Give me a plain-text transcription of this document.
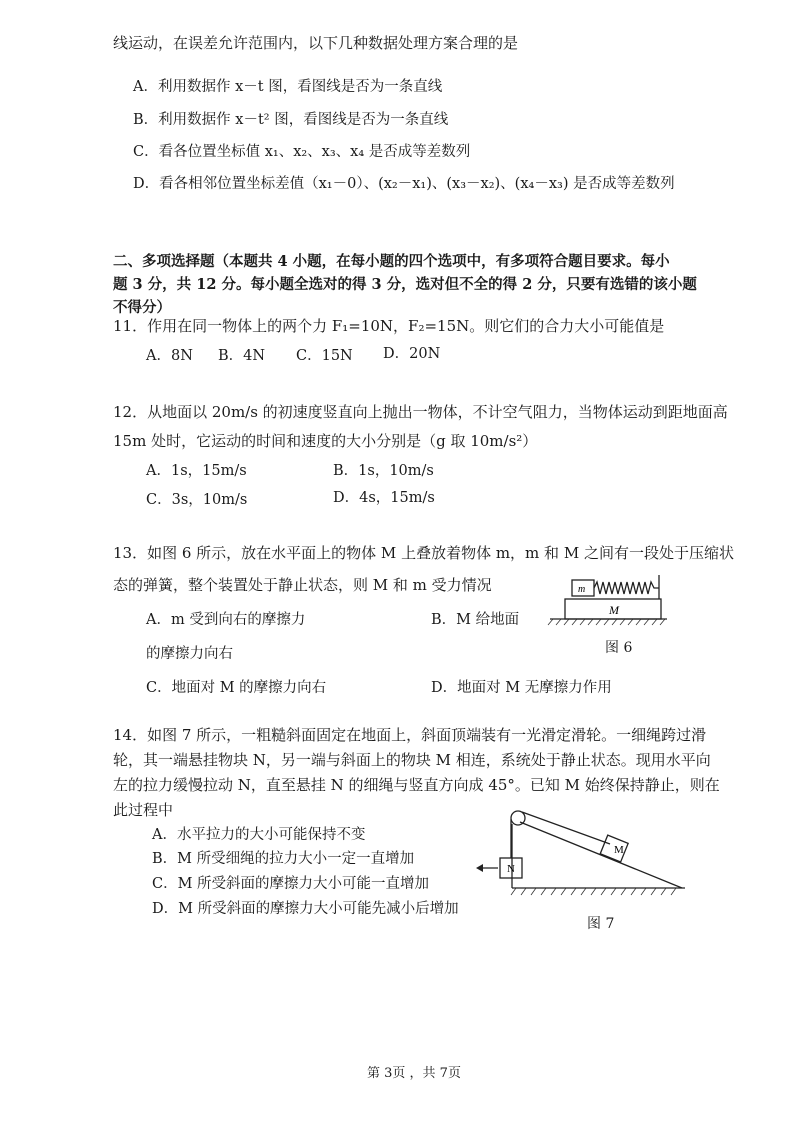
线运动，在误差允许范围内，以下几种数据处理方案合理的是
A．利用数据作 x－t 图，看图线是否为一条直线
B．利用数据作 x－t² 图，看图线是否为一条直线
C．看各位置坐标值 x₁、x₂、x₃、x₄ 是否成等差数列
D．看各相邻位置坐标差值（x₁－0）、(x₂－x₁)、(x₃－x₂)、(x₄－x₃) 是否成等差数列
二、多项选择题（本题共 4 小题，在每小题的四个选项中，有多项符合题目要求。每小
题 3 分，共 12 分。每小题全选对的得 3 分，选对但不全的得 2 分，只要有选错的该小题
不得分）
11．作用在同一物体上的两个力 F₁=10N，F₂=15N。则它们的合力大小可能值是
A．8N B．4N C．15N D．20N
12．从地面以 20m/s 的初速度竖直向上抛出一物体，不计空气阻力，当物体运动到距地面高
15m 处时，它运动的时间和速度的大小分别是（g 取 10m/s²）
A．1s，15m/s	B．1s，10m/s
C．3s，10m/s	D．4s，15m/s
13．如图 6 所示，放在水平面上的物体 M 上叠放着物体 m，m 和 M 之间有一段处于压缩状
态的弹簧，整个装置处于静止状态，则 M 和 m 受力情况
A．m 受到向右的摩擦力	B．M 给地面
的摩擦力向右
C．地面对 M 的摩擦力向右	D．地面对 M 无摩擦力作用
m
M
图 6
14．如图 7 所示，一粗糙斜面固定在地面上，斜面顶端装有一光滑定滑轮。一细绳跨过滑
轮，其一端悬挂物块 N，另一端与斜面上的物块 M 相连，系统处于静止状态。现用水平向
左的拉力缓慢拉动 N，直至悬挂 N 的细绳与竖直方向成 45°。已知 M 始终保持静止，则在
此过程中
A．水平拉力的大小可能保持不变
B．M 所受细绳的拉力大小一定一直增加
C．M 所受斜面的摩擦力大小可能一直增加
D．M 所受斜面的摩擦力大小可能先减小后增加
M
N
图 7
第 3页 ，共 7页
